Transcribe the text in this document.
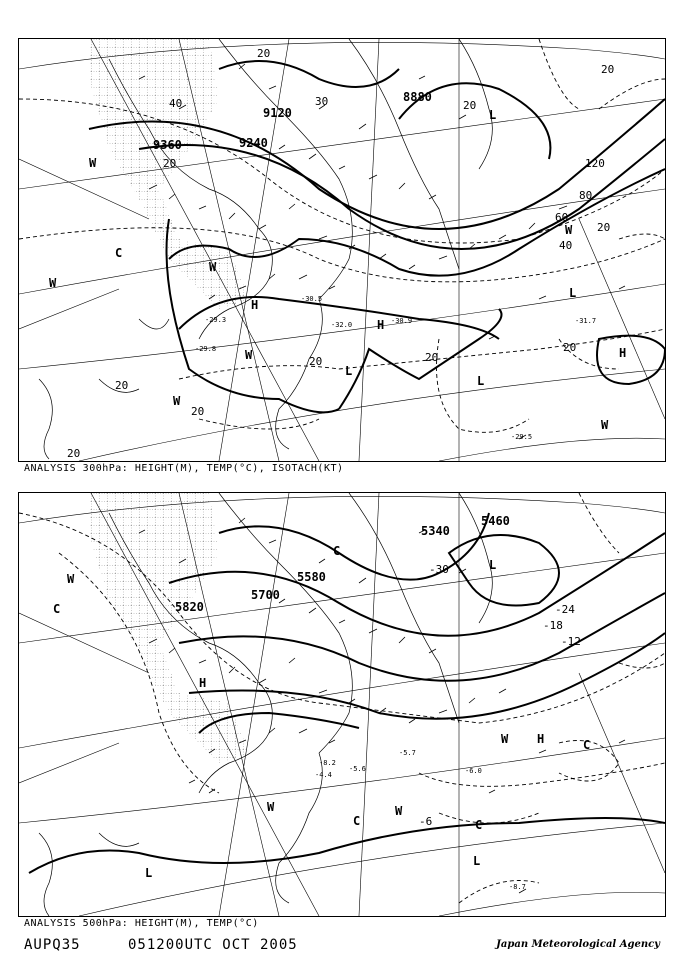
9120
9240
9360
8880
20
40
20
30	20
40
60
80
120
20
20
20
20
20	20
20
20
W
C
W
W
W
H
H
H
L
L
L
L
W
W
W
-30.9
-29.5
-31.7
-29.8
-30.5
-29.3
-32.0
ANALYSIS 300hPa: HEIGHT(M), TEMP(°C), ISOTACH(KT)
5580
5700
5820
5340
5460
-30
-24
-18
-12
-6
W
C
H
C
L
W H	C
W	W
C	C
L
L
-8.7
-6.0
-5.7
-8.2
-5.6
-4.4
ANALYSIS 500hPa: HEIGHT(M), TEMP(°C)
AUPQ35	051200UTC OCT 2005	Japan Meteorological Agency
